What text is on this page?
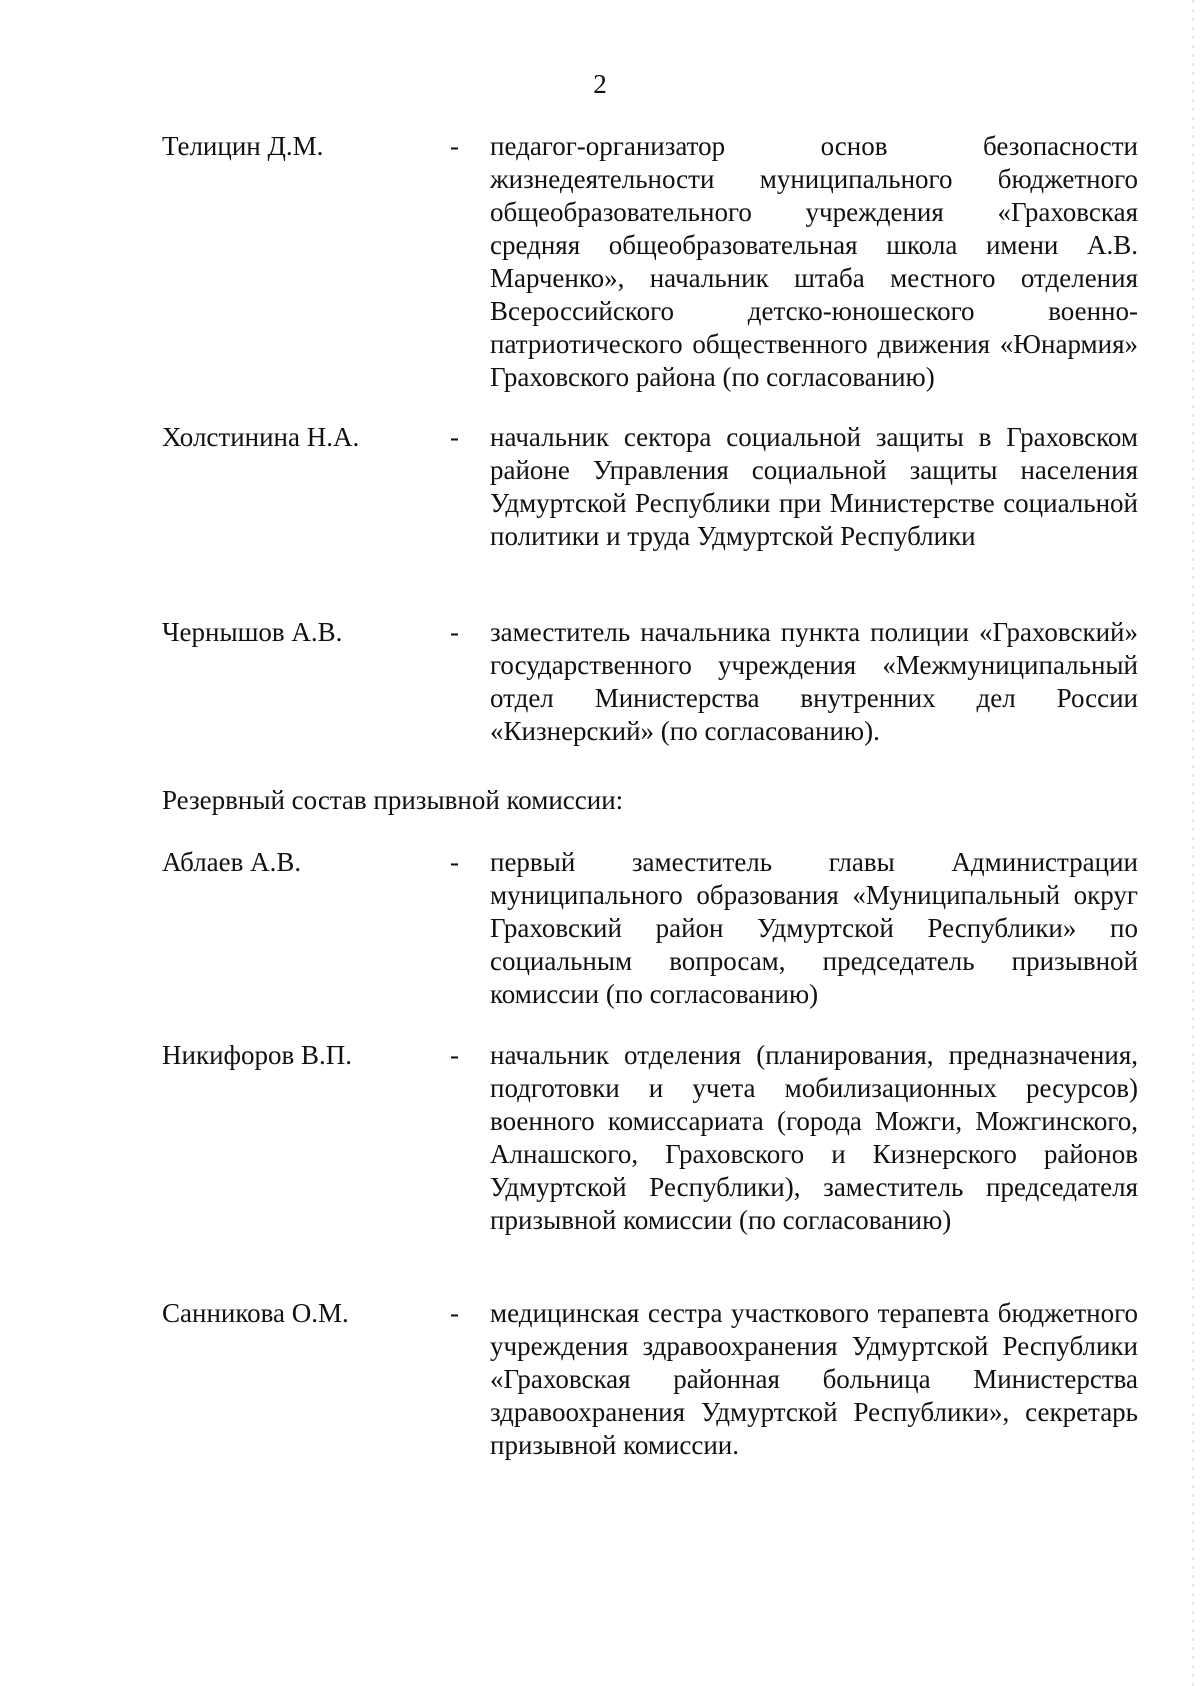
2
Телицин Д.М.	- педагог-организатор основ безопасности жизнедеятельности муниципального бюджетного общеобразовательного учреждения «Граховская средняя общеобразовательная школа имени А.В. Марченко», начальник штаба местного отделения Всероссийского детско-юношеского военно-патриотического общественного движения «Юнармия» Граховского района (по согласованию)
Холстинина Н.А.	- начальник сектора социальной защиты в Граховском районе Управления социальной защиты населения Удмуртской Республики при Министерстве социальной политики и труда Удмуртской Республики
Чернышов А.В.	- заместитель начальника пункта полиции «Граховский» государственного учреждения «Межмуниципальный отдел Министерства внутренних дел России «Кизнерский» (по согласованию).
Резервный состав призывной комиссии:
Аблаев А.В.	- первый заместитель главы Администрации муниципального образования «Муниципальный округ Граховский район Удмуртской Республики» по социальным вопросам, председатель призывной комиссии (по согласованию)
Никифоров В.П.	- начальник отделения (планирования, предназначения, подготовки и учета мобилизационных ресурсов) военного комиссариата (города Можги, Можгинского, Алнашского, Граховского и Кизнерского районов Удмуртской Республики), заместитель председателя призывной комиссии (по согласованию)
Санникова О.М.	- медицинская сестра участкового терапевта бюджетного учреждения здравоохранения Удмуртской Республики «Граховская районная больница Министерства здравоохранения Удмуртской Республики», секретарь призывной комиссии.
